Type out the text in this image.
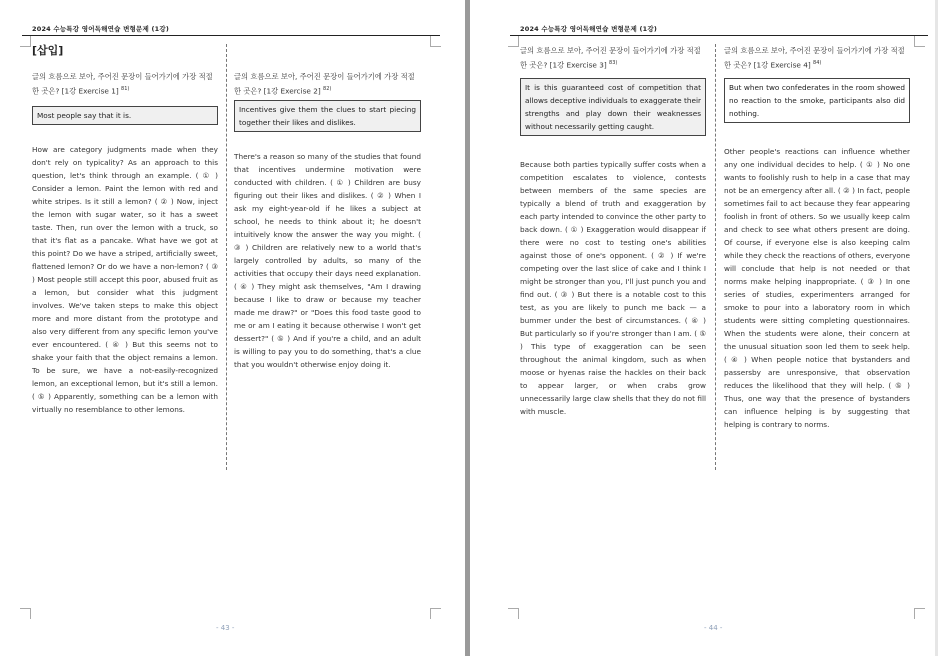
2024 수능특강 영어독해연습 변형문제 (1강)
[삽입]
글의 흐름으로 보아, 주어진 문장이 들어가기에 가장 적절한 곳은? [1강 Exercise 1] $^{81)}$
Most people say that it is.

How are category judgments made when they don't rely on typicality? As an approach to this question, let's think through an example. ( ① ) Consider a lemon. Paint the lemon with red and white stripes. Is it still a lemon? ( ② ) Now, inject the lemon with sugar water, so it has a sweet taste. Then, run over the lemon with a truck, so that it's flat as a pancake. What have we got at this point? Do we have a striped, artificially sweet, flattened lemon? Or do we have a non-lemon? ( ③ ) Most people still accept this poor, abused fruit as a lemon, but consider what this judgment involves. We've taken steps to make this object more and more distant from the prototype and also very different from any specific lemon you've ever encountered. ( ④ ) But this seems not to shake your faith that the object remains a lemon. To be sure, we have a not-easily-recognized lemon, an exceptional lemon, but it's still a lemon. ( ⑤ ) Apparently, something can be a lemon with virtually no resemblance to other lemons.

글의 흐름으로 보아, 주어진 문장이 들어가기에 가장 적절한 곳은? [1강 Exercise 2] $^{82)}$
Incentives give them the clues to start piecing together their likes and dislikes.

There's a reason so many of the studies that found that incentives undermine motivation were conducted with children. ( ① ) Children are busy figuring out their likes and dislikes. ( ② ) When I ask my eight-year-old if he likes a subject at school, he needs to think about it; he doesn't intuitively know the answer the way you might. ( ③ ) Children are relatively new to a world that's largely controlled by adults, so many of the activities that occupy their days need explanation. ( ④ ) They might ask themselves, "Am I drawing because I like to draw or because my teacher made me draw?" or "Does this food taste good to me or am I eating it because otherwise I won't get dessert?" ( ⑤ ) And if you're a child, and an adult is willing to pay you to do something, that's a clue that you wouldn't otherwise enjoy doing it.

- 43 -
2024 수능특강 영어독해연습 변형문제 (1강)
글의 흐름으로 보아, 주어진 문장이 들어가기에 가장 적절한 곳은? [1강 Exercise 3] $^{83)}$
It is this guaranteed cost of competition that allows deceptive individuals to exaggerate their strengths and play down their weaknesses without necessarily getting caught.

Because both parties typically suffer costs when a competition escalates to violence, contests between members of the same species are typically a blend of truth and exaggeration by each party intended to convince the other party to back down. ( ① ) Exaggeration would disappear if there were no cost to testing one's abilities against those of one's opponent. ( ② ) If we're competing over the last slice of cake and I think I might be stronger than you, I'll just punch you and find out. ( ③ ) But there is a notable cost to this test, as you are likely to punch me back — a bummer under the best of circumstances. ( ④ ) But particularly so if you're stronger than I am. ( ⑤ ) This type of exaggeration can be seen throughout the animal kingdom, such as when moose or hyenas raise the hackles on their back to appear larger, or when crabs grow unnecessarily large claw shells that they do not fill with muscle.

글의 흐름으로 보아, 주어진 문장이 들어가기에 가장 적절한 곳은? [1강 Exercise 4] $^{84)}$
But when two confederates in the room showed no reaction to the smoke, participants also did nothing.

Other people's reactions can influence whether any one individual decides to help. ( ① ) No one wants to foolishly rush to help in a case that may not be an emergency after all. ( ② ) In fact, people sometimes fail to act because they fear appearing foolish in front of others. So we usually keep calm and check to see what others present are doing. Of course, if everyone else is also keeping calm while they check the reactions of others, everyone will conclude that help is not needed or that norms make helping inappropriate. ( ③ ) In one series of studies, experimenters arranged for smoke to pour into a laboratory room in which students were sitting completing questionnaires. When the students were alone, their concern at the unusual situation soon led them to seek help. ( ④ ) When people notice that bystanders and passersby are unresponsive, that observation reduces the likelihood that they will help. ( ⑤ ) Thus, one way that the presence of bystanders can influence helping is by suggesting that helping is contrary to norms.

- 44 -
